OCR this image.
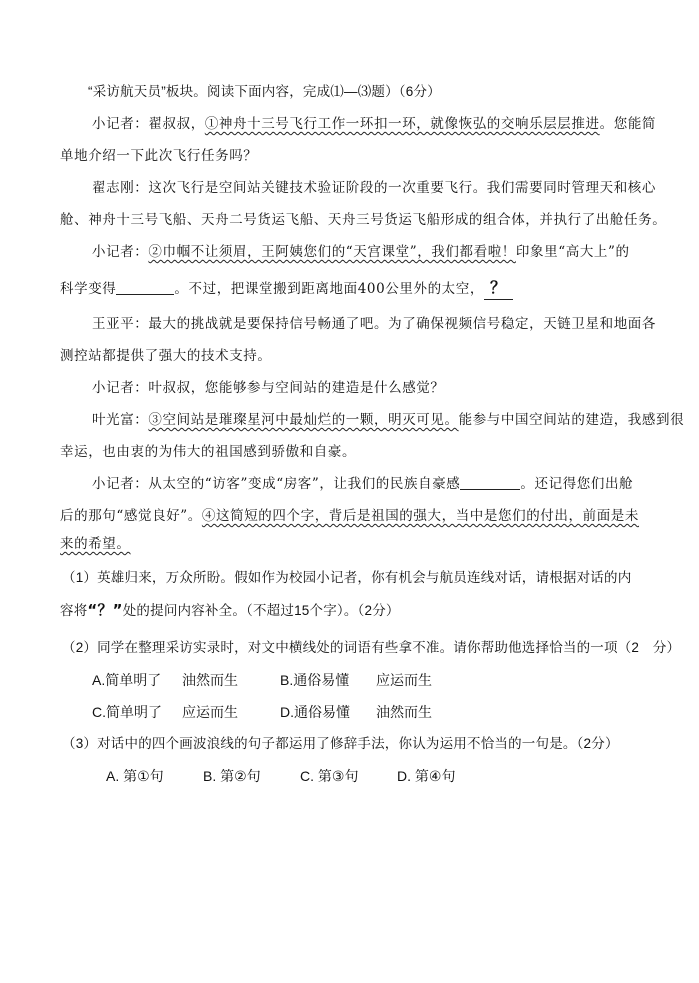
“采访航天员”板块。阅读下面内容，完成⑴—⑶题）（6分）
小记者：翟叔叔，①神舟十三号飞行工作一环扣一环，就像恢弘的交响乐层层推进。您能简
单地介绍一下此次飞行任务吗？
翟志刚：这次飞行是空间站关键技术验证阶段的一次重要飞行。我们需要同时管理天和核心
舱、神舟十三号飞船、天舟二号货运飞船、天舟三号货运飞船形成的组合体，并执行了出舱任务。
小记者：②巾帼不让须眉，王阿姨您们的“天宫课堂”，我们都看啦！印象里“高大上”的
科学变得	。不过，把课堂搬到距离地面400公里外的太空， ？
王亚平：最大的挑战就是要保持信号畅通了吧。为了确保视频信号稳定，天链卫星和地面各
测控站都提供了强大的技术支持。
小记者：叶叔叔，您能够参与空间站的建造是什么感觉？
叶光富：③空间站是璀璨星河中最灿烂的一颗，明灭可见。能参与中国空间站的建造，我感到很
幸运，也由衷的为伟大的祖国感到骄傲和自豪。
小记者：从太空的“访客”变成“房客”，让我们的民族自豪感	。还记得您们出舱
后的那句“感觉良好”。④这简短的四个字，背后是祖国的强大，当中是您们的付出，前面是未
来的希望。
（1）英雄归来，万众所盼。假如作为校园小记者，你有机会与航员连线对话，请根据对话的内
容将“？”处的提问内容补全。（不超过15个字）。（2分）
（2）同学在整理采访实录时，对文中横线处的词语有些拿不准。请你帮助他选择恰当的一项（2　分）
A.简单明了 油然而生	B.通俗易懂 应运而生
C.简单明了 应运而生	D.通俗易懂 油然而生
（3）对话中的四个画波浪线的句子都运用了修辞手法，你认为运用不恰当的一句是。（2分）
A. 第①句	B. 第②句	C. 第③句	D. 第④句
